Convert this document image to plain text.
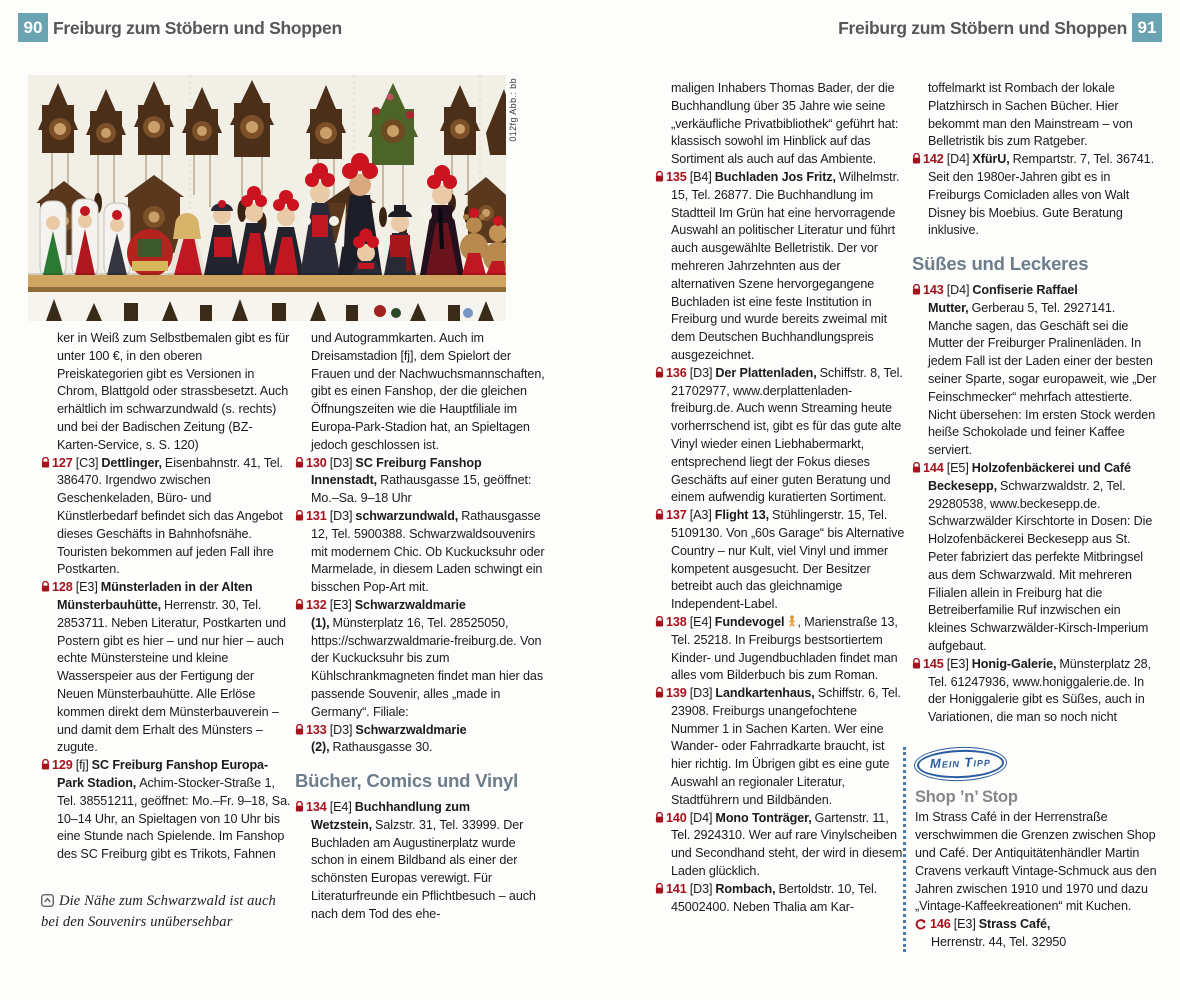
90 Freiburg zum Stöbern und Shoppen	Freiburg zum Stöbern und Shoppen 91
012fg Abb.: bb

ker in Weiß zum Selbstbemalen gibt es für unter 100 €, in den oberen Preiskategorien gibt es Versionen in Chrom, Blattgold oder strassbesetzt. Auch erhältlich im schwarzundwald (s. rechts) und bei der Badischen Zeitung (BZ-Karten-Service, s. S. 120)

127 [C3] Dettlinger, Eisenbahnstr. 41, Tel. 386470. Irgendwo zwischen Geschenkeladen, Büro- und Künstlerbedarf befindet sich das Angebot dieses Geschäfts in Bahnhofsnähe. Touristen bekommen auf jeden Fall ihre Postkarten.

128 [E3] Münsterladen in der Alten Münsterbauhütte, Herrenstr. 30, Tel. 2853711. Neben Literatur, Postkarten und Postern gibt es hier – und nur hier – auch echte Münstersteine und kleine Wasserspeier aus der Fertigung der Neuen Münsterbauhütte. Alle Erlöse kommen direkt dem Münsterbauverein – und damit dem Erhalt des Münsters – zugute.

129 [fj] SC Freiburg Fanshop Europa-Park Stadion, Achim-Stocker-Straße 1, Tel. 38551211, geöffnet: Mo.–Fr. 9–18, Sa. 10–14 Uhr, an Spieltagen von 10 Uhr bis eine Stunde nach Spielende. Im Fanshop des SC Freiburg gibt es Trikots, Fahnen

Die Nähe zum Schwarzwald ist auch bei den Souvenirs unübersehbar

und Autogrammkarten. Auch im Dreisamstadion [fj], dem Spielort der Frauen und der Nachwuchsmannschaften, gibt es einen Fanshop, der die gleichen Öffnungszeiten wie die Hauptfiliale im Europa-Park-Stadion hat, an Spieltagen jedoch geschlossen ist.

130 [D3] SC Freiburg Fanshop Innenstadt, Rathausgasse 15, geöffnet: Mo.–Sa. 9–18 Uhr

131 [D3] schwarzundwald, Rathausgasse 12, Tel. 5900388. Schwarzwaldsouvenirs mit modernem Chic. Ob Kuckucksuhr oder Marmelade, in diesem Laden schwingt ein bisschen Pop-Art mit.

132 [E3] Schwarzwaldmarie (1), Münsterplatz 16, Tel. 28525050, https://schwarzwaldmarie-freiburg.de. Von der Kuckucksuhr bis zum Kühlschrankmagneten findet man hier das passende Souvenir, alles „made in Germany“. Filiale:

133 [D3] Schwarzwaldmarie (2), Rathausgasse 30.

Bücher, Comics und Vinyl

134 [E4] Buchhandlung zum Wetzstein, Salzstr. 31, Tel. 33999. Der Buchladen am Augustinerplatz wurde schon in einem Bildband als einer der schönsten Europas verewigt. Für Literaturfreunde ein Pflichtbesuch – auch nach dem Tod des ehe-

maligen Inhabers Thomas Bader, der die Buchhandlung über 35 Jahre wie seine „verkäufliche Privatbibliothek“ geführt hat: klassisch sowohl im Hinblick auf das Sortiment als auch auf das Ambiente.

135 [B4] Buchladen Jos Fritz, Wilhelmstr. 15, Tel. 26877. Die Buchhandlung im Stadtteil Im Grün hat eine hervorragende Auswahl an politischer Literatur und führt auch ausgewählte Belletristik. Der vor mehreren Jahrzehnten aus der alternativen Szene hervorgegangene Buchladen ist eine feste Institution in Freiburg und wurde bereits zweimal mit dem Deutschen Buchhandlungspreis ausgezeichnet.

136 [D3] Der Plattenladen, Schiffstr. 8, Tel. 21702977, www.derplattenladen-freiburg.de. Auch wenn Streaming heute vorherrschend ist, gibt es für das gute alte Vinyl wieder einen Liebhabermarkt, entsprechend liegt der Fokus dieses Geschäfts auf einer guten Beratung und einem aufwendig kuratierten Sortiment.

137 [A3] Flight 13, Stühlingerstr. 15, Tel. 5109130. Von „60s Garage“ bis Alternative Country – nur Kult, viel Vinyl und immer kompetent ausgesucht. Der Besitzer betreibt auch das gleichnamige Independent-Label.

138 [E4] Fundevogel , Marienstraße 13, Tel. 25218. In Freiburgs bestsortiertem Kinder- und Jugendbuchladen findet man alles vom Bilderbuch bis zum Roman.

139 [D3] Landkartenhaus, Schiffstr. 6, Tel. 23908. Freiburgs unangefochtene Nummer 1 in Sachen Karten. Wer eine Wander- oder Fahrradkarte braucht, ist hier richtig. Im Übrigen gibt es eine gute Auswahl an regionaler Literatur, Stadtführern und Bildbänden.

140 [D4] Mono Tonträger, Gartenstr. 11, Tel. 2924310. Wer auf rare Vinylscheiben und Secondhand steht, der wird in diesem Laden glücklich.

141 [D3] Rombach, Bertoldstr. 10, Tel. 45002400. Neben Thalia am Kar-

toffelmarkt ist Rombach der lokale Platzhirsch in Sachen Bücher. Hier bekommt man den Mainstream – von Belletristik bis zum Ratgeber.

142 [D4] XfürU, Rempartstr. 7, Tel. 36741. Seit den 1980er-Jahren gibt es in Freiburgs Comicladen alles von Walt Disney bis Moebius. Gute Beratung inklusive.

Süßes und Leckeres

143 [D4] Confiserie Raffael Mutter, Gerberau 5, Tel. 2927141. Manche sagen, das Geschäft sei die Mutter der Freiburger Pralinenläden. In jedem Fall ist der Laden einer der besten seiner Sparte, sogar europaweit, wie „Der Feinschmecker“ mehrfach attestierte. Nicht übersehen: Im ersten Stock werden heiße Schokolade und feiner Kaffee serviert.

144 [E5] Holzofenbäckerei und Café Beckesepp, Schwarzwaldstr. 2, Tel. 29280538, www.beckesepp.de. Schwarzwälder Kirschtorte in Dosen: Die Holzofenbäckerei Beckesepp aus St. Peter fabriziert das perfekte Mitbringsel aus dem Schwarzwald. Mit mehreren Filialen allein in Freiburg hat die Betreiberfamilie Ruf inzwischen ein kleines Schwarzwälder-Kirsch-Imperium aufgebaut.

145 [E3] Honig-Galerie, Münsterplatz 28, Tel. 61247936, www.honiggalerie.de. In der Honiggalerie gibt es Süßes, auch in Variationen, die man so noch nicht

Mein Tipp
Shop ’n’ Stop

Im Strass Café in der Herrenstraße verschwimmen die Grenzen zwischen Shop und Café. Der Antiquitätenhändler Martin Cravens verkauft Vintage-Schmuck aus den Jahren zwischen 1910 und 1970 und dazu „Vintage-Kaffeekreationen“ mit Kuchen.

146 [E3] Strass Café,
Herrenstr. 44, Tel. 32950
